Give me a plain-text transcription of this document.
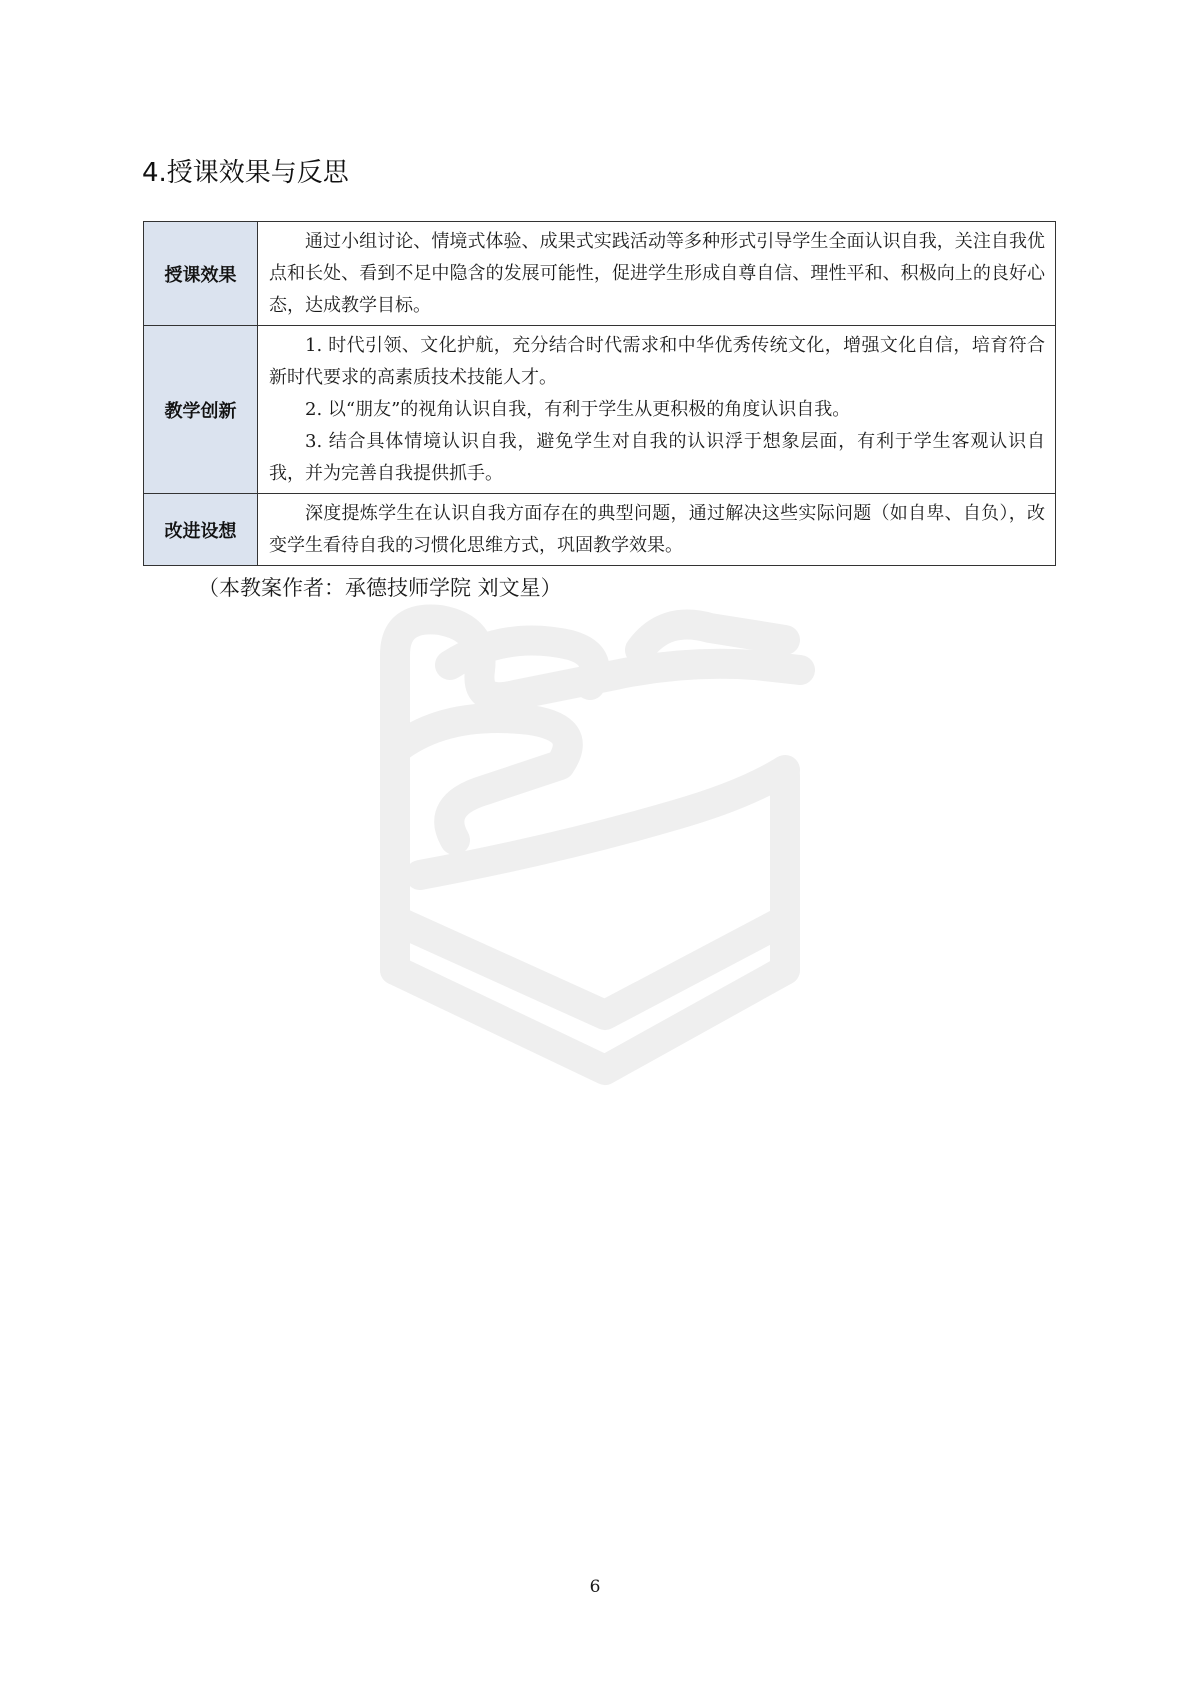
4.授课效果与反思
授课效果	通过小组讨论、情境式体验、成果式实践活动等多种形式引导学生全面认识自我，关注自我优点和长处、看到不足中隐含的发展可能性，促进学生形成自尊自信、理性平和、积极向上的良好心态，达成教学目标。

教学创新	1. 时代引领、文化护航，充分结合时代需求和中华优秀传统文化，增强文化自信，培育符合新时代要求的高素质技术技能人才。

2. 以“朋友”的视角认识自我，有利于学生从更积极的角度认识自我。

3. 结合具体情境认识自我，避免学生对自我的认识浮于想象层面，有利于学生客观认识自我，并为完善自我提供抓手。

改进设想	深度提炼学生在认识自我方面存在的典型问题，通过解决这些实际问题（如自卑、自负），改变学生看待自我的习惯化思维方式，巩固教学效果。

（本教案作者：承德技师学院 刘文星）

6
